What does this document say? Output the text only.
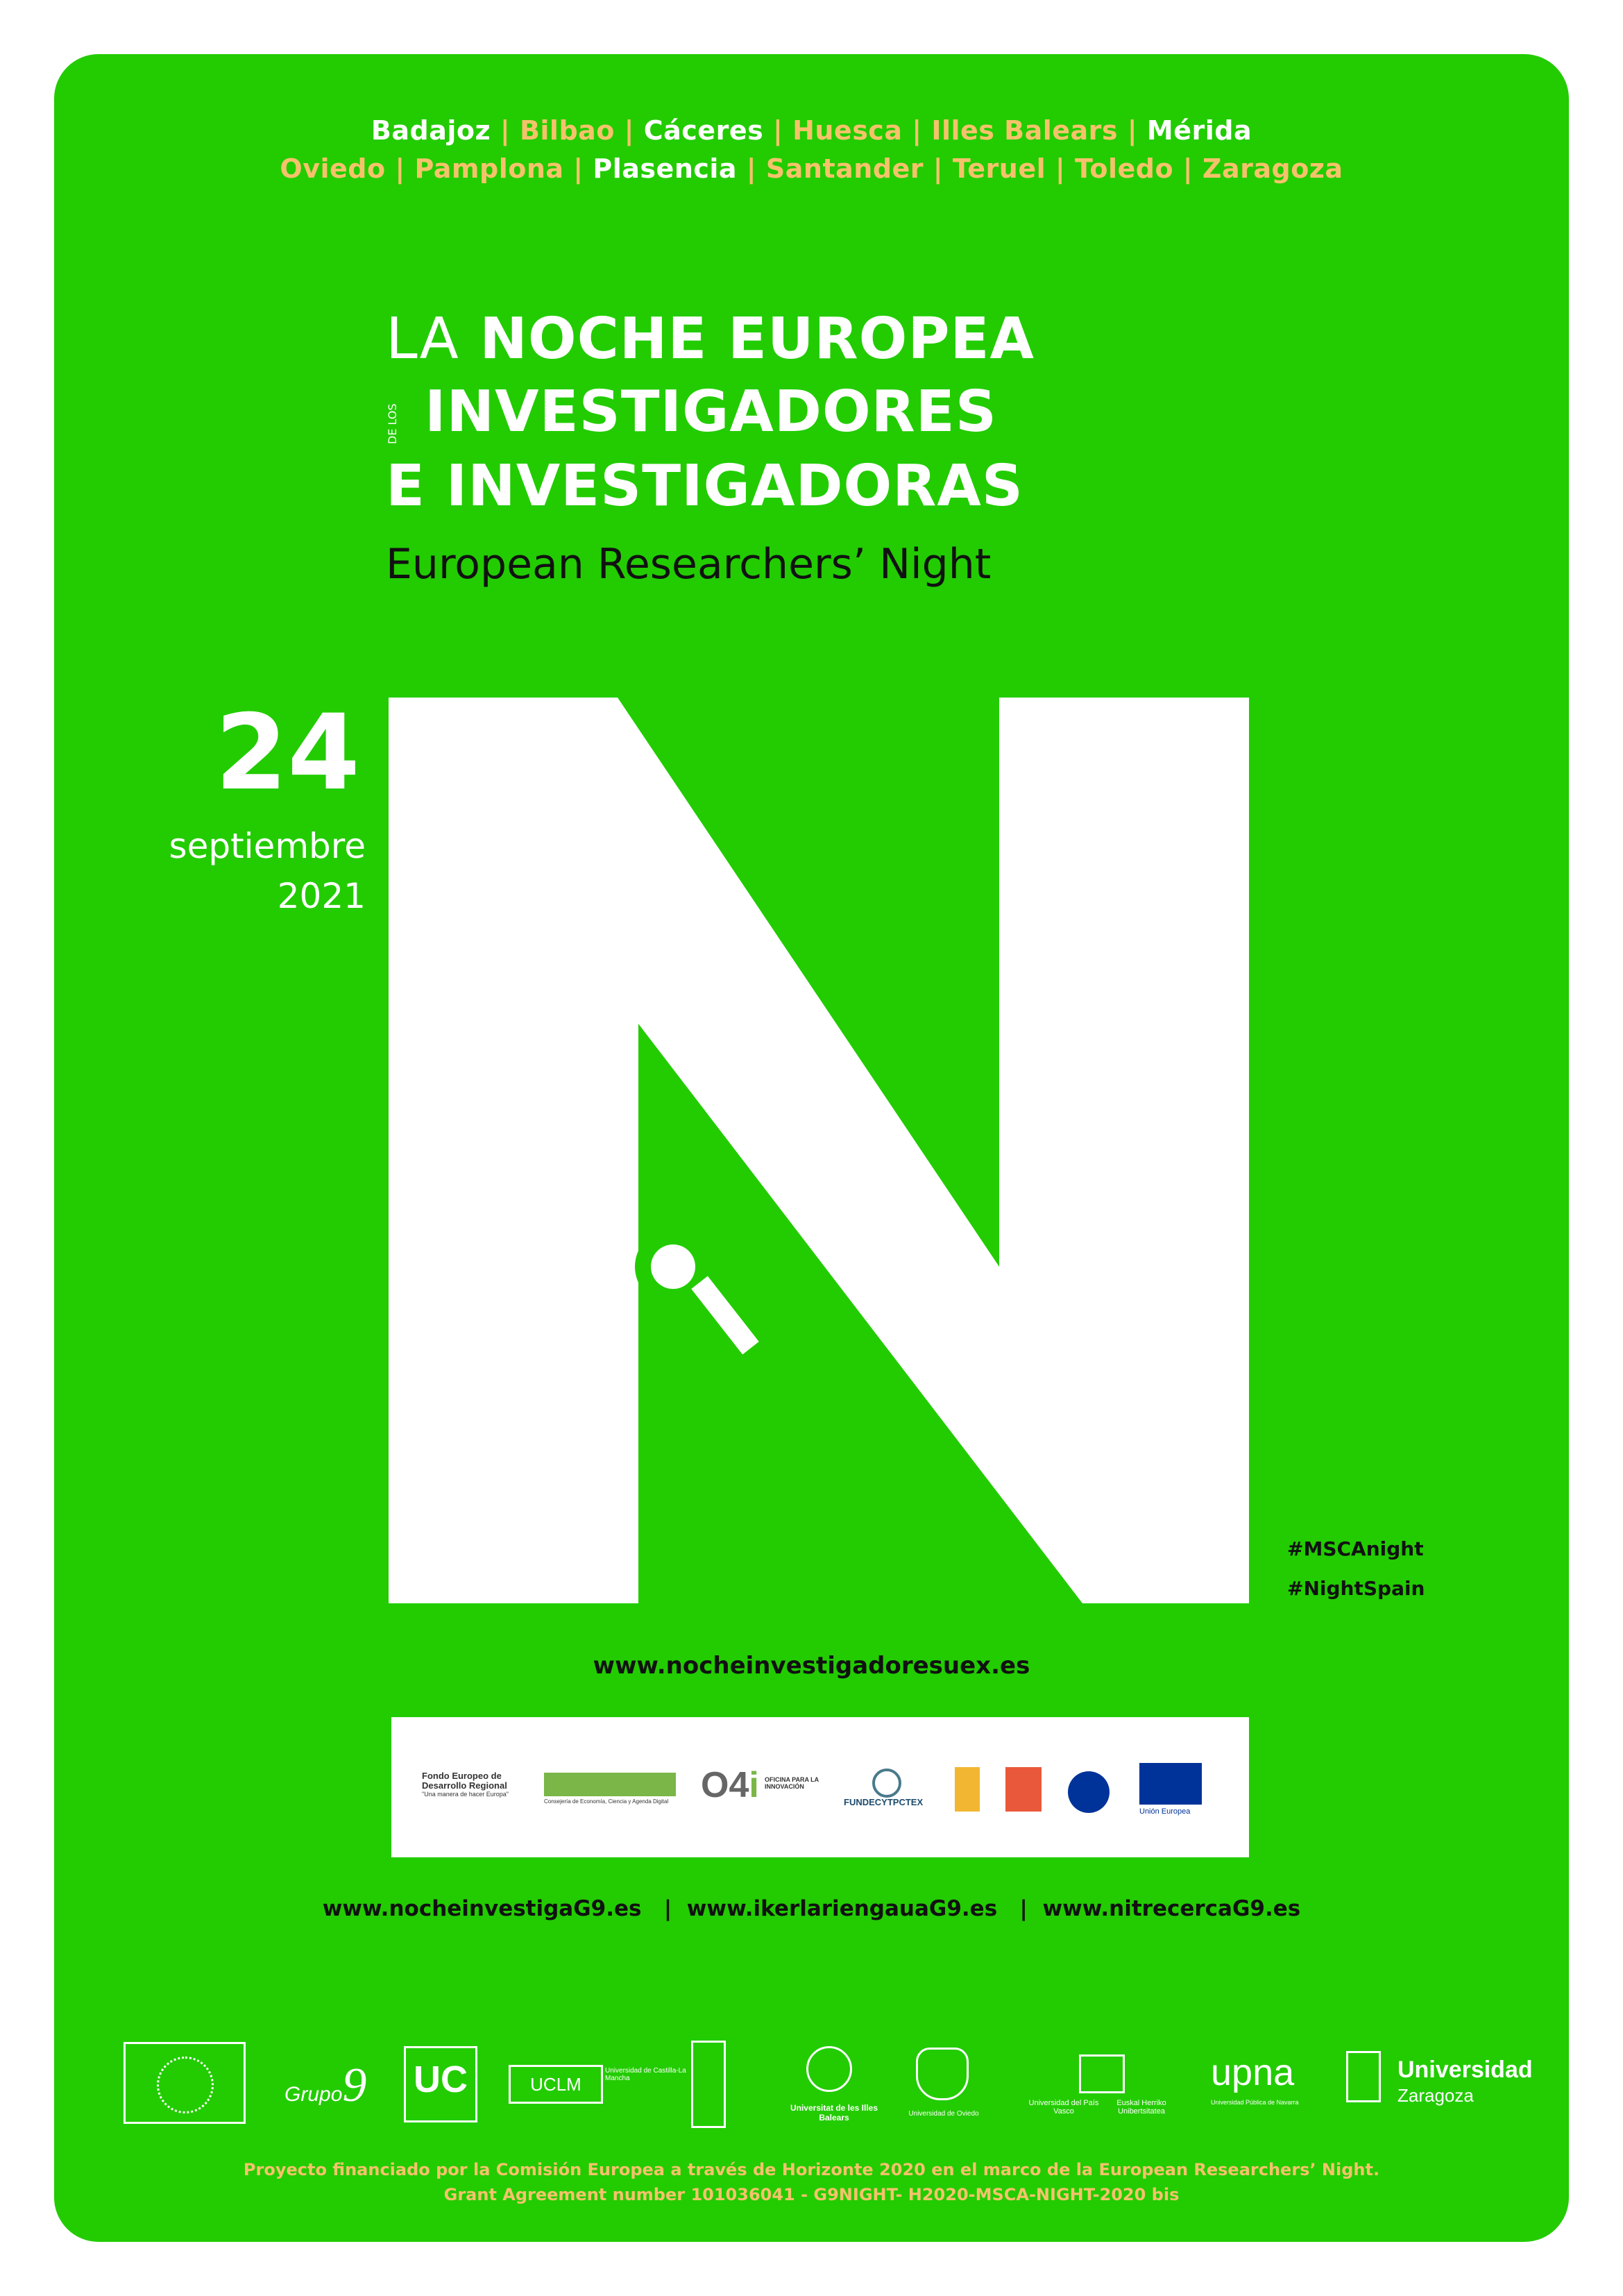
Badajoz | Bilbao | Cáceres | Huesca | Illes Balears | Mérida
Oviedo | Pamplona | Plasencia | Santander | Teruel | Toledo | Zaragoza
LA NOCHE EUROPEA
DE LOS INVESTIGADORES
E INVESTIGADORAS
European Researchers’ Night
24
septiembre
2021
#MSCAnight
#NightSpain
www.nocheinvestigadoresuex.es
Fondo Europeo de Desarrollo Regional
"Una manera de hacer Europa"
Consejería de Economía, Ciencia y Agenda Digital O4i OFICINA PARA LA INNOVACIÓN
FUNDECYTPCTEX
Unión Europea
www.nocheinvestigaG9.es   |  www.ikerlariengauaG9.es   |  www.nitrecercaG9.es
Grupo9 UC	UCLM
Universidad de Castilla-La Mancha
Universitat de les Illes Balears	Universidad de Oviedo
Universidad del País Vasco
Euskal Herriko Unibertsitatea
upna
Universidad Pública de Navarra
Universidad
Zaragoza
Proyecto financiado por la Comisión Europea a través de Horizonte 2020 en el marco de la European Researchers’ Night.
Grant Agreement number 101036041 - G9NIGHT- H2020-MSCA-NIGHT-2020 bis
